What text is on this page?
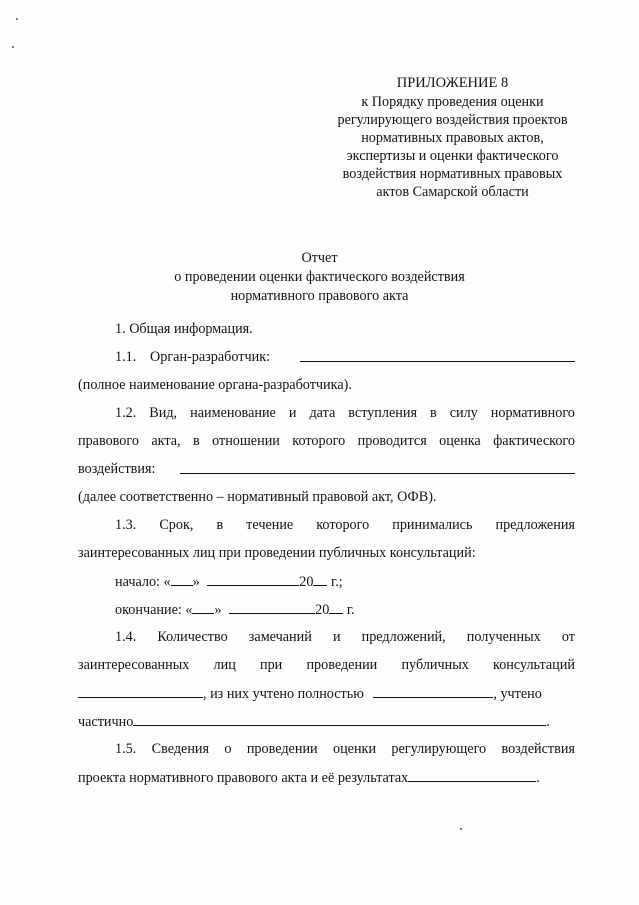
ПРИЛОЖЕНИЕ 8
к Порядку проведения оценки
регулирующего воздействия проектов
нормативных правовых актов,
экспертизы и оценки фактического
воздействия нормативных правовых
актов Самарской области
Отчет
о проведении оценки фактического воздействия
нормативного правового акта
1. Общая информация.
1.1. Орган-разработчик:
(полное наименование органа-разработчика).
1.2. Вид, наименование и дата вступления в силу нормативного
правового акта, в отношении которого проводится оценка фактического
воздействия:
(далее соответственно – нормативный правовой акт, ОФВ).
1.3. Срок, в течение которого принимались предложения
заинтересованных лиц при проведении публичных консультаций:
начало: « »	20 г.;
окончание: « »	20 г.
1.4. Количество замечаний и предложений, полученных от
заинтересованных лиц при проведении публичных консультаций
, из них учтено полностью	, учтено
частично	.
1.5. Сведения о проведении оценки регулирующего воздействия
проекта нормативного правового акта и её результатах	.
